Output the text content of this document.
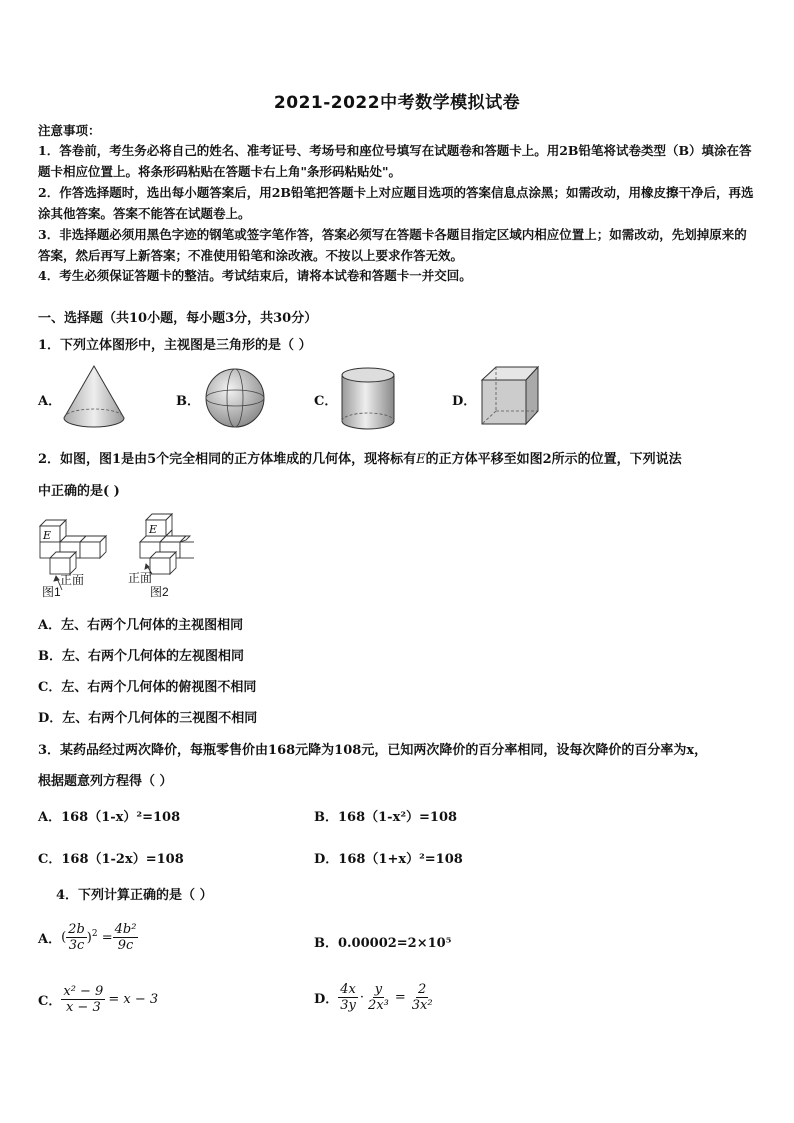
2021-2022中考数学模拟试卷
注意事项：
1．答卷前，考生务必将自己的姓名、准考证号、考场号和座位号填写在试题卷和答题卡上。用2B铅笔将试卷类型（B）填涂在答题卡相应位置上。将条形码粘贴在答题卡右上角"条形码粘贴处"。
2．作答选择题时，选出每小题答案后，用2B铅笔把答题卡上对应题目选项的答案信息点涂黑；如需改动，用橡皮擦干净后，再选涂其他答案。答案不能答在试题卷上。
3．非选择题必须用黑色字迹的钢笔或签字笔作答，答案必须写在答题卡各题目指定区域内相应位置上；如需改动，先划掉原来的答案，然后再写上新答案；不准使用铅笔和涂改液。不按以上要求作答无效。
4．考生必须保证答题卡的整洁。考试结束后，请将本试卷和答题卡一并交回。
一、选择题（共10小题，每小题3分，共30分）
1．下列立体图形中，主视图是三角形的是（ ）
A．	B．	C．	D．
2．如图，图1是由5个完全相同的正方体堆成的几何体，现将标有E的正方体平移至如图2所示的位置，下列说法
中正确的是( )
E	E
正面	正面
图1	图2
A．左、右两个几何体的主视图相同
B．左、右两个几何体的左视图相同
C．左、右两个几何体的俯视图不相同
D．左、右两个几何体的三视图不相同
3．某药品经过两次降价，每瓶零售价由168元降为108元，已知两次降价的百分率相同，设每次降价的百分率为x，
根据题意列方程得（ ）
A．168（1-x）²=108	B．168（1-x²）=108
C．168（1-2x）=108	D．168（1+x）²=108
4．下列计算正确的是（ ）
A． ( $\frac{2b}{3c} )^2 = \frac{\text{4b²}}{9c}$	B．0.00002=2×10⁵
C． $\frac{\text{x² − 9}}{x - 3} = x - 3$	D． $\frac{4x}{3y} \cdot \frac{y}{\text{2x³}} = \frac{2}{\text{3x²}}$
